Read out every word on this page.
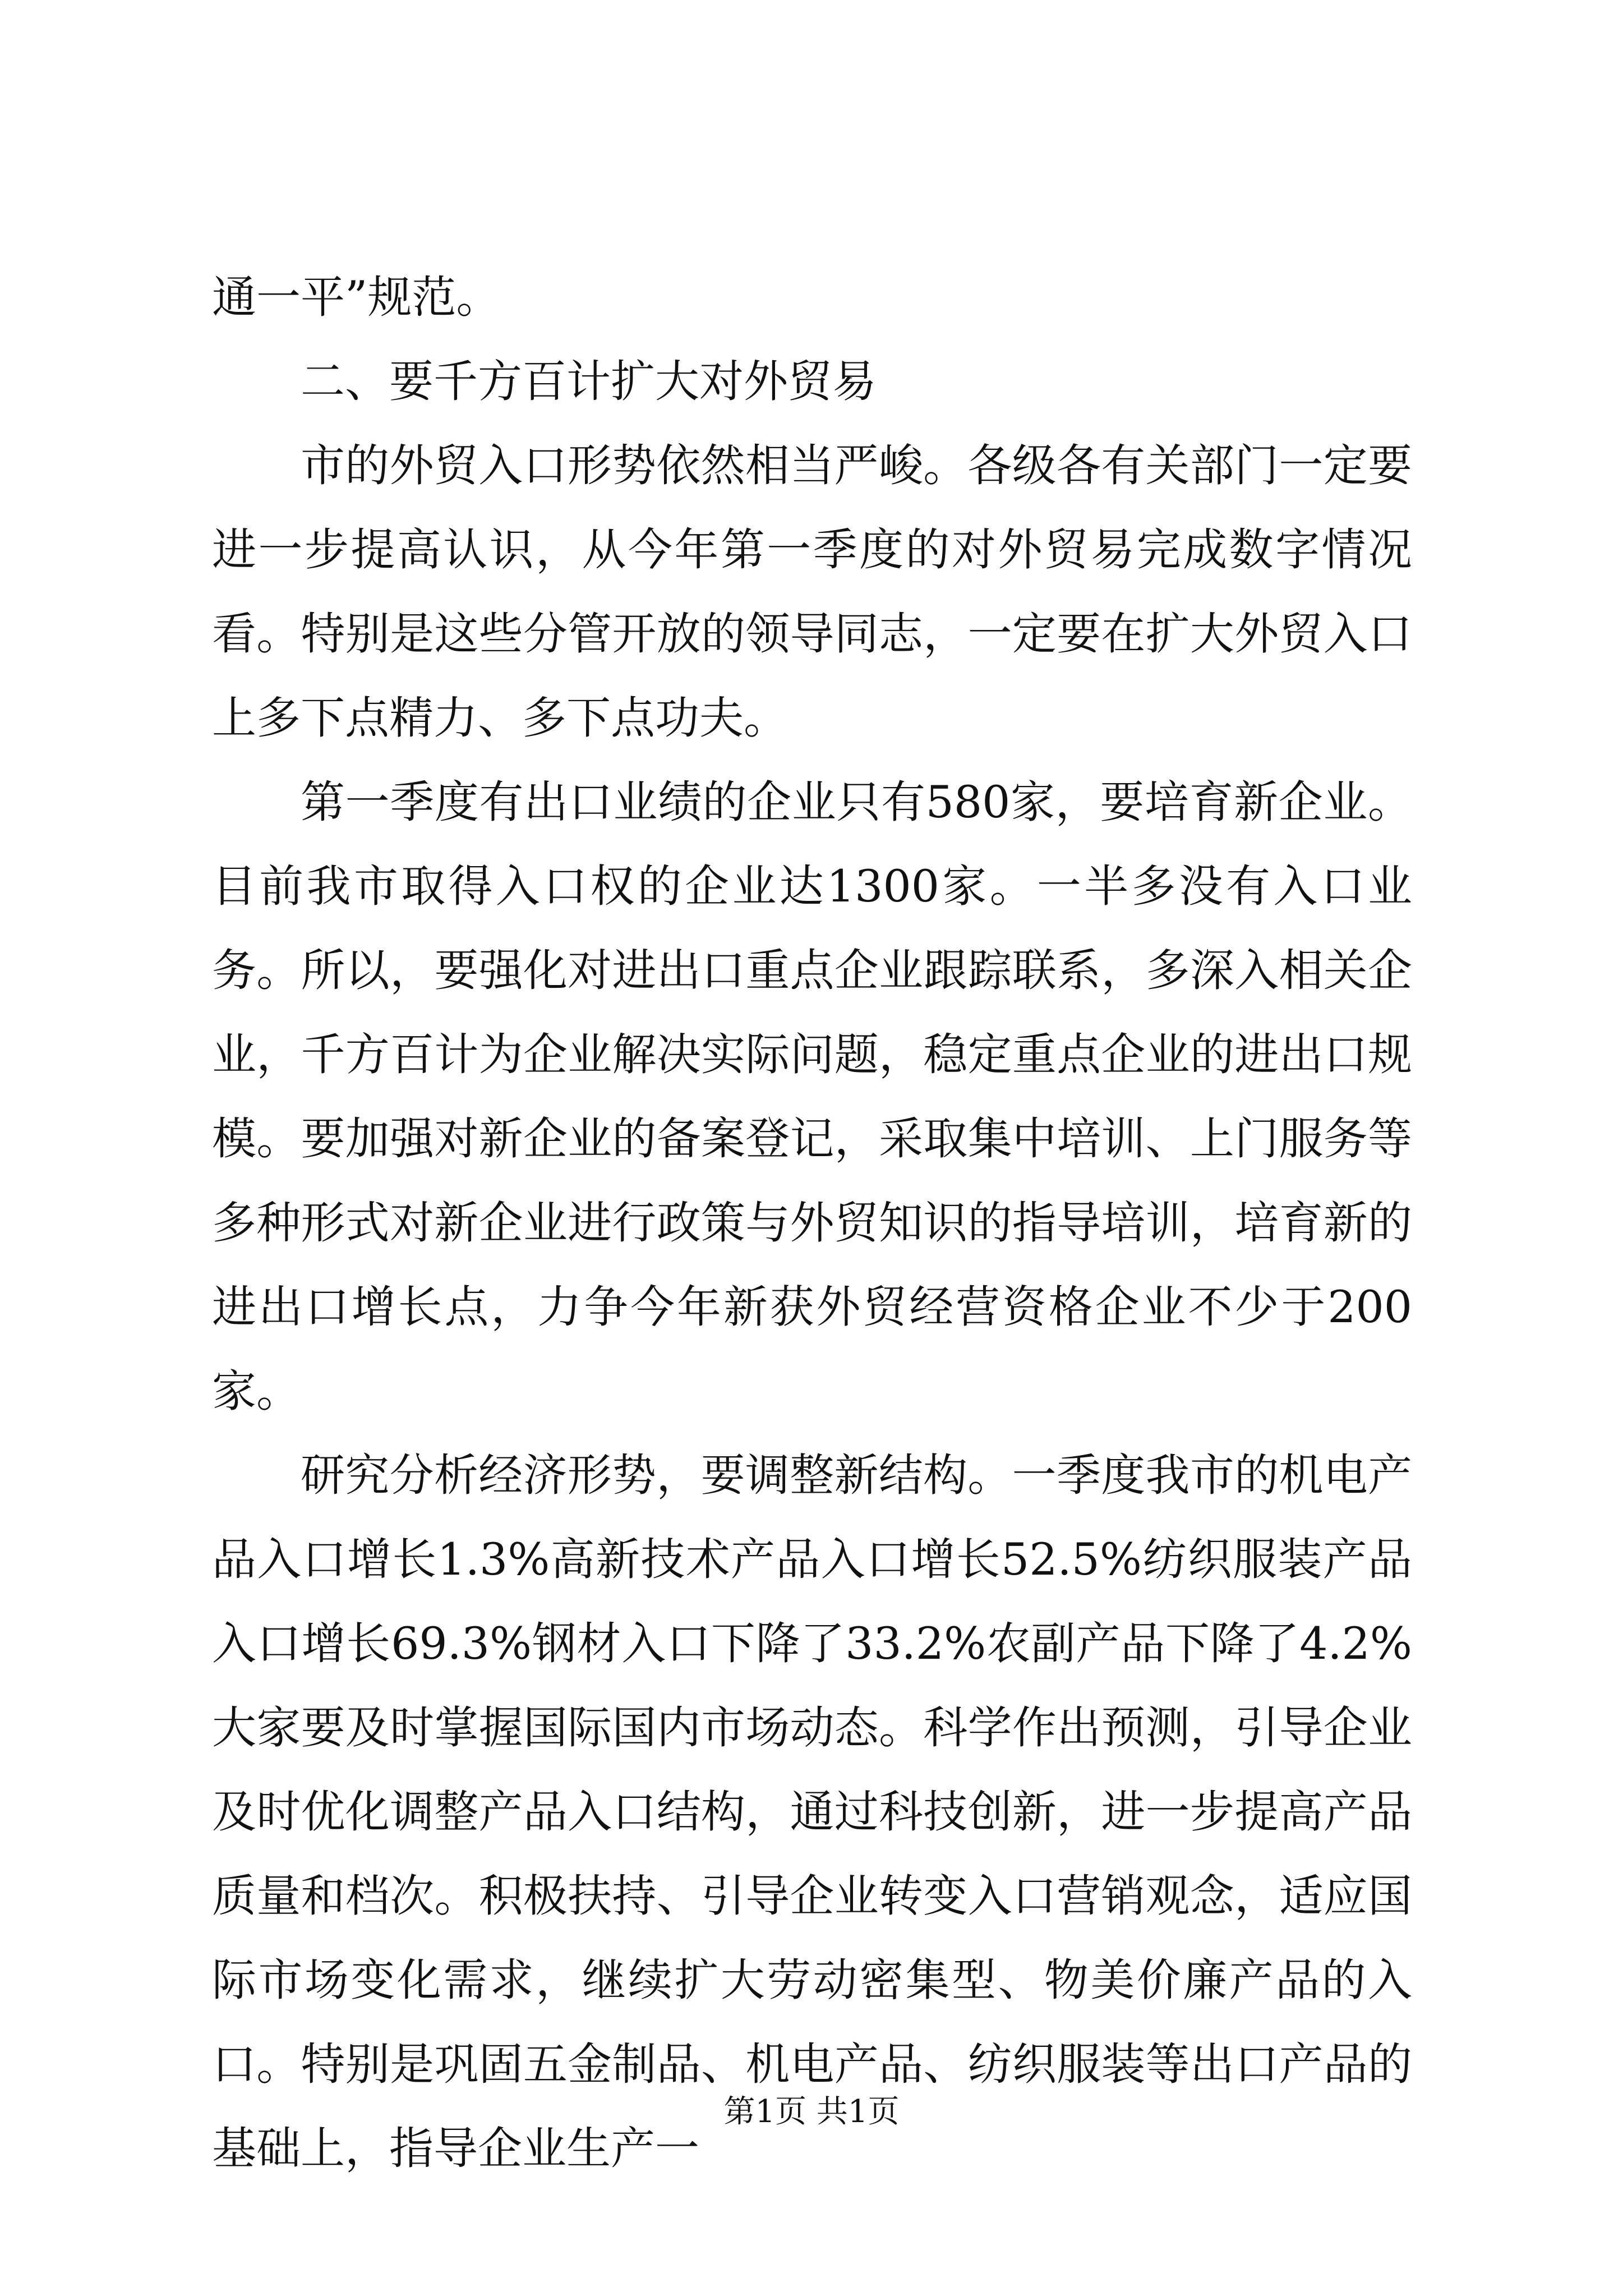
通一平”规范。

二、要千方百计扩大对外贸易

市的外贸入口形势依然相当严峻。各级各有关部门一定要进一步提高认识，从今年第一季度的对外贸易完成数字情况看。特别是这些分管开放的领导同志，一定要在扩大外贸入口上多下点精力、多下点功夫。

第一季度有出口业绩的企业只有580家，要培育新企业。目前我市取得入口权的企业达1300家。一半多没有入口业务。所以，要强化对进出口重点企业跟踪联系，多深入相关企业，千方百计为企业解决实际问题，稳定重点企业的进出口规模。要加强对新企业的备案登记，采取集中培训、上门服务等多种形式对新企业进行政策与外贸知识的指导培训，培育新的进出口增长点，力争今年新获外贸经营资格企业不少于200家。

研究分析经济形势，要调整新结构。一季度我市的机电产品入口增长1.3%高新技术产品入口增长52.5%纺织服装产品入口增长69.3%钢材入口下降了33.2%农副产品下降了4.2%大家要及时掌握国际国内市场动态。科学作出预测，引导企业及时优化调整产品入口结构，通过科技创新，进一步提高产品质量和档次。积极扶持、引导企业转变入口营销观念，适应国际市场变化需求，继续扩大劳动密集型、物美价廉产品的入口。特别是巩固五金制品、机电产品、纺织服装等出口产品的基础上，指导企业生产一

第1页 共1页
